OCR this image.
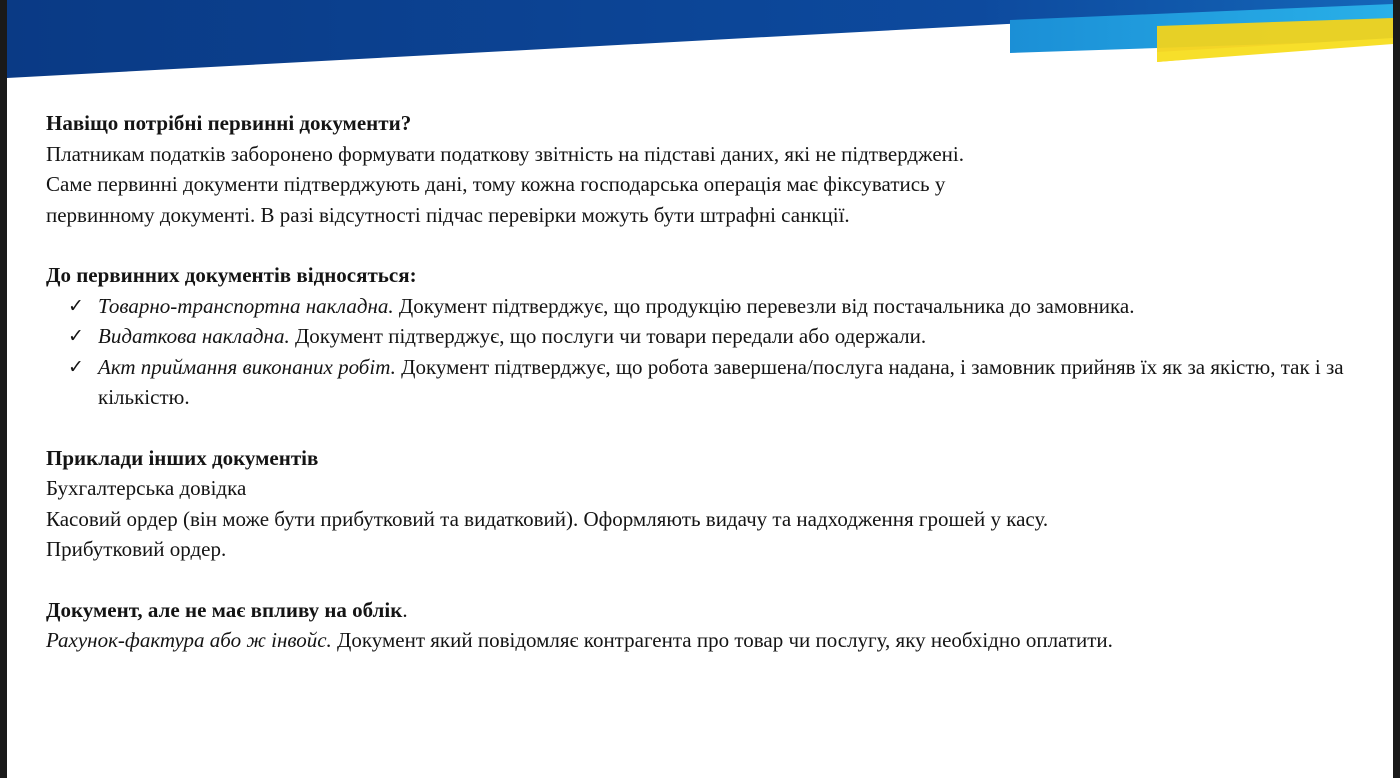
Навіщо потрібні первинні документи?

Платникам податків заборонено формувати податкову звітність на підставі даних, які не підтверджені.

Саме первинні документи підтверджують дані, тому кожна господарська операція має фіксуватись у

первинному документі. В разі відсутності підчас перевірки можуть бути штрафні санкції.

До первинних документів відносяться:

✓ Товарно-транспортна накладна. Документ підтверджує, що продукцію перевезли від постачальника до замовника.
✓ Видаткова накладна. Документ підтверджує, що послуги чи товари передали або одержали.
✓ Акт приймання виконаних робіт. Документ підтверджує, що робота завершена/послуга надана, і замовник прийняв їх як за якістю, так і за кількістю.

Приклади інших документів

Бухгалтерська довідка

Касовий ордер (він може бути прибутковий та видатковий). Оформляють видачу та надходження грошей у касу.

Прибутковий ордер.

Документ, але не має впливу на облік.

Рахунок-фактура або ж інвойс. Документ який повідомляє контрагента про товар чи послугу, яку необхідно оплатити.
